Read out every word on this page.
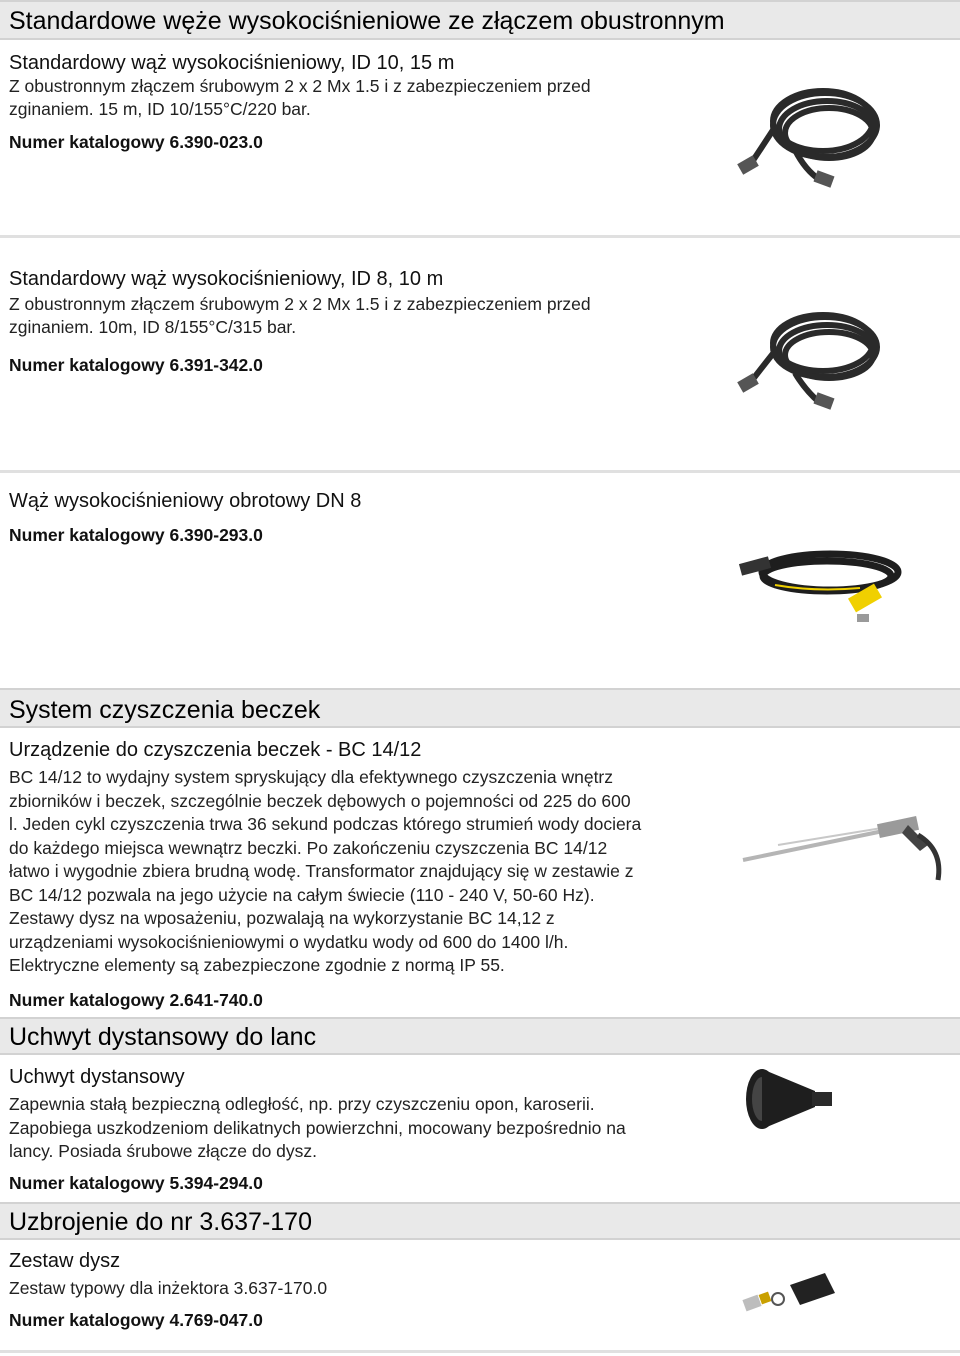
Standardowe węże wysokociśnieniowe ze złączem obustronnym
Standardowy wąż wysokociśnieniowy, ID 10, 15 m
Z obustronnym złączem śrubowym 2 x 2 Mx 1.5 i z zabezpieczeniem przed
zginaniem. 15 m, ID 10/155°C/220 bar.
Numer katalogowy 6.390-023.0
Standardowy wąż wysokociśnieniowy, ID 8, 10 m
Z obustronnym złączem śrubowym 2 x 2 Mx 1.5 i z zabezpieczeniem przed
zginaniem. 10m, ID 8/155°C/315 bar.
Numer katalogowy 6.391-342.0
Wąż wysokociśnieniowy obrotowy DN 8
Numer katalogowy 6.390-293.0
System czyszczenia beczek
Urządzenie do czyszczenia beczek - BC 14/12
BC 14/12 to wydajny system spryskujący dla efektywnego czyszczenia wnętrz
zbiorników i beczek, szczególnie beczek dębowych o pojemności od 225 do 600
l. Jeden cykl czyszczenia trwa 36 sekund podczas którego strumień wody dociera
do każdego miejsca wewnątrz beczki. Po zakończeniu czyszczenia BC 14/12
łatwo i wygodnie zbiera brudną wodę. Transformator znajdujący się w zestawie z
BC 14/12 pozwala na jego użycie na całym świecie (110 - 240 V, 50-60 Hz).
Zestawy dysz na wposażeniu, pozwalają na wykorzystanie BC 14,12 z
urządzeniami wysokociśnieniowymi o wydatku wody od 600 do 1400 l/h.
Elektryczne elementy są zabezpieczone zgodnie z normą IP 55.
Numer katalogowy 2.641-740.0
Uchwyt dystansowy do lanc
Uchwyt dystansowy
Zapewnia stałą bezpieczną odległość, np. przy czyszczeniu opon, karoserii.
Zapobiega uszkodzeniom delikatnych powierzchni, mocowany bezpośrednio na
lancy. Posiada śrubowe złącze do dysz.
Numer katalogowy 5.394-294.0
Uzbrojenie do nr 3.637-170
Zestaw dysz
Zestaw typowy dla inżektora 3.637-170.0
Numer katalogowy 4.769-047.0
